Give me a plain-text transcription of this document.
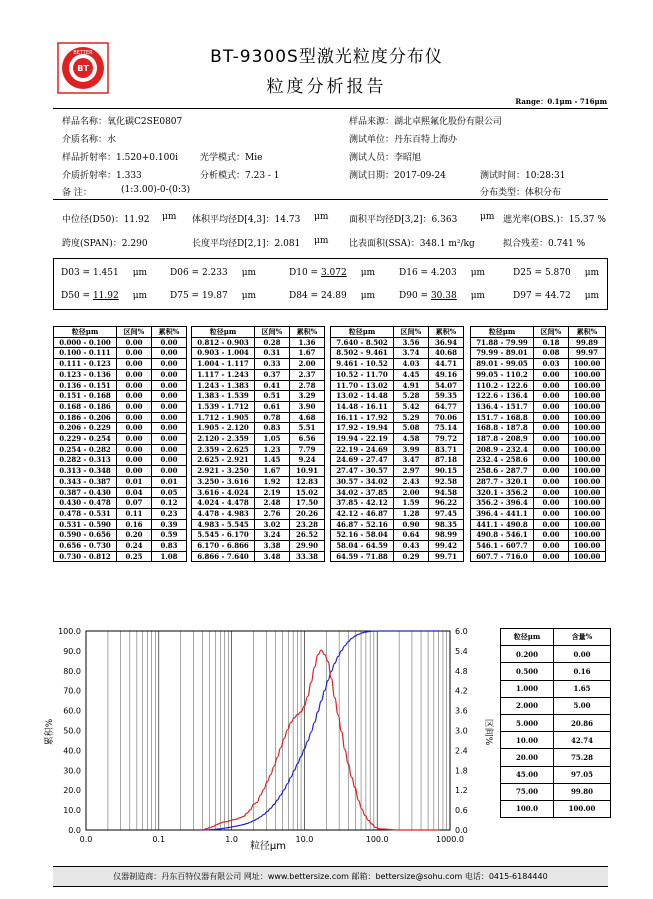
BT
BETTER	BT-9300S型激光粒度分布仪
粒度分析报告
Range：0.1μm - 716μm
样品名称：氧化碳C2SE0807	样品来源：湖北卓熙氟化股份有限公司
介质名称：水	测试单位：丹东百特上海办
样品折射率：1.520+0.100i 光学模式：Mie	测试人员：李昭旭
介质折射率：1.333	分析模式：7.23 - 1	测试日期：2017-09-24	测试时间：10:28:31
备 注：	(1:3.00)-0-(0:3)	分布类型：体积分布
中位径(D50)：11.92 μm 体积平均径D[4,3]：14.73 μm 面积平均径D[3,2]：6.363	μm 遮光率(OBS.)：15.37 %
跨度(SPAN)：2.290	长度平均径D[2,1]：2.081 μm 比表面积(SSA)：348.1 m²/kg	拟合残差：0.741 %
D03 = 1.451 μm	D06 = 2.233 μm	D10 = 3.072 μm	D16 = 4.203 μm	D25 = 5.870 μm
D50 = 11.92 μm	D75 = 19.87 μm	D84 = 24.89 μm	D90 = 30.38 μm	D97 = 44.72 μm
粒径μm	区间%	累积%
0.000 - 0.100	0.00	0.00
0.100 - 0.111	0.00	0.00
0.111 - 0.123	0.00	0.00
0.123 - 0.136	0.00	0.00
0.136 - 0.151	0.00	0.00
0.151 - 0.168	0.00	0.00
0.168 - 0.186	0.00	0.00
0.186 - 0.206	0.00	0.00
0.206 - 0.229	0.00	0.00
0.229 - 0.254	0.00	0.00
0.254 - 0.282	0.00	0.00
0.282 - 0.313	0.00	0.00
0.313 - 0.348	0.00	0.00
0.343 - 0.387	0.01	0.01
0.387 - 0.430	0.04	0.05
0.430 - 0.478	0.07	0.12
0.478 - 0.531	0.11	0.23
0.531 - 0.590	0.16	0.39
0.590 - 0.656	0.20	0.59
0.656 - 0.730	0.24	0.83
0.730 - 0.812	0.25	1.08
粒径μm	区间%	累积%
0.812 - 0.903	0.28	1.36
0.903 - 1.004	0.31	1.67
1.004 - 1.117	0.33	2.00
1.117 - 1.243	0.37	2.37
1.243 - 1.383	0.41	2.78
1.383 - 1.539	0.51	3.29
1.539 - 1.712	0.61	3.90
1.712 - 1.905	0.78	4.68
1.905 - 2.120	0.83	5.51
2.120 - 2.359	1.05	6.56
2.359 - 2.625	1.23	7.79
2.625 - 2.921	1.45	9.24
2.921 - 3.250	1.67	10.91
3.250 - 3.616	1.92	12.83
3.616 - 4.024	2.19	15.02
4.024 - 4.478	2.48	17.50
4.478 - 4.983	2.76	20.26
4.983 - 5.545	3.02	23.28
5.545 - 6.170	3.24	26.52
6.170 - 6.866	3.38	29.90
6.866 - 7.640	3.48	33.38
粒径μm	区间%	累积%
7.640 - 8.502	3.56	36.94
8.502 - 9.461	3.74	40.68
9.461 - 10.52	4.03	44.71
10.52 - 11.70	4.45	49.16
11.70 - 13.02	4.91	54.07
13.02 - 14.48	5.28	59.35
14.48 - 16.11	5.42	64.77
16.11 - 17.92	5.29	70.06
17.92 - 19.94	5.08	75.14
19.94 - 22.19	4.58	79.72
22.19 - 24.69	3.99	83.71
24.69 - 27.47	3.47	87.18
27.47 - 30.57	2.97	90.15
30.57 - 34.02	2.43	92.58
34.02 - 37.85	2.00	94.58
37.85 - 42.12	1.59	96.22
42.12 - 46.87	1.28	97.45
46.87 - 52.16	0.90	98.35
52.16 - 58.04	0.64	98.99
58.04 - 64.59	0.43	99.42
64.59 - 71.88	0.29	99.71
粒径μm	区间%	累积%
71.88 - 79.99	0.18	99.89
79.99 - 89.01	0.08	99.97
89.01 - 99.05	0.03	100.00
99.05 - 110.2	0.00	100.00
110.2 - 122.6	0.00	100.00
122.6 - 136.4	0.00	100.00
136.4 - 151.7	0.00	100.00
151.7 - 168.8	0.00	100.00
168.8 - 187.8	0.00	100.00
187.8 - 208.9	0.00	100.00
208.9 - 232.4	0.00	100.00
232.4 - 258.6	0.00	100.00
258.6 - 287.7	0.00	100.00
287.7 - 320.1	0.00	100.00
320.1 - 356.2	0.00	100.00
356.2 - 396.4	0.00	100.00
396.4 - 441.1	0.00	100.00
441.1 - 490.8	0.00	100.00
490.8 - 546.1	0.00	100.00
546.1 - 607.7	0.00	100.00
607.7 - 716.0	0.00	100.00
0.0	0.1	1.0	10.0	100.0	1000.0
0.0
10.0
20.0
30.0
40.0
50.0
60.0
70.0
80.0
90.0
100.0
0.0
0.6
1.2
1.8
2.4
3.0
3.6
4.2
4.8
5.4
6.0
粒径μm
累积%	区间%
粒径μm	含量%
0.200	0.00
0.500	0.16
1.000	1.65
2.000	5.00
5.000	20.86
10.00	42.74
20.00	75.28
45.00	97.05
75.00	99.80
100.0	100.00
仪器制造商：丹东百特仪器有限公司 网址：www.bettersize.com 邮箱：bettersize@sohu.com 电话：0415-6184440
